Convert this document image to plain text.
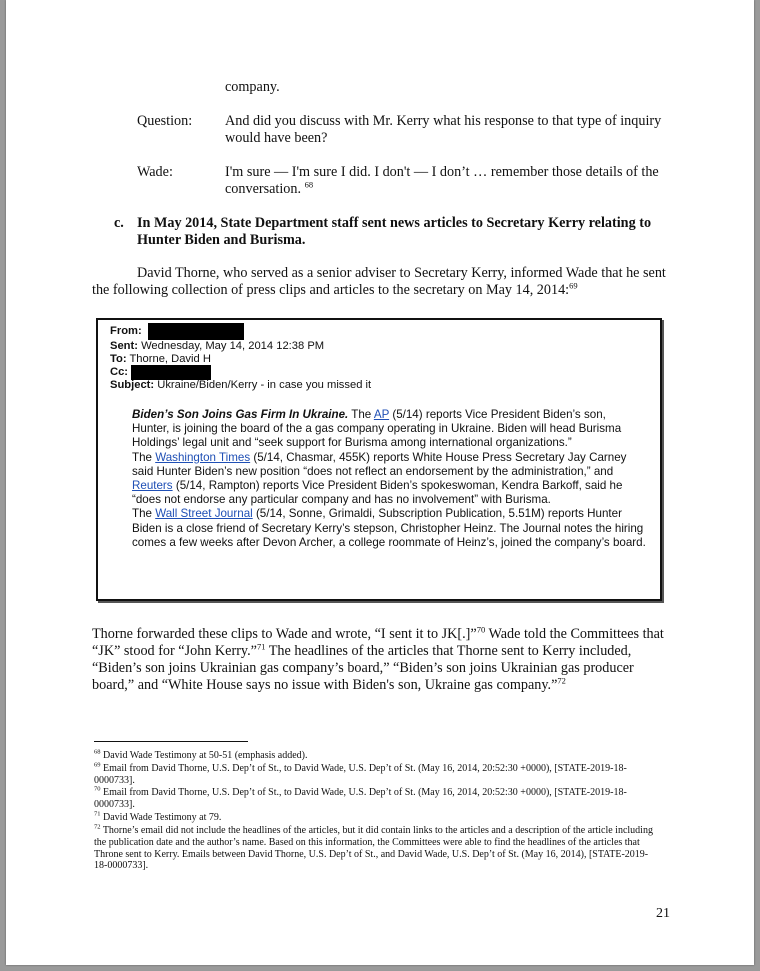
company.
Question: And did you discuss with Mr. Kerry what his response to that type of inquiry would have been?
Wade:	I'm sure — I'm sure I did. I don't — I don’t … remember those details of the conversation. $^{68}$
c. In May 2014, State Department staff sent news articles to Secretary Kerry relating to Hunter Biden and Burisma.
David Thorne, who served as a senior adviser to Secretary Kerry, informed Wade that he sent the following collection of press clips and articles to the secretary on May 14, 2014:$^{69}$
From:
Sent: Wednesday, May 14, 2014 12:38 PM
To: Thorne, David H
Cc:
Subject: Ukraine/Biden/Kerry - in case you missed it

Biden’s Son Joins Gas Firm In Ukraine. The AP (5/14) reports Vice President Biden’s son, Hunter, is joining the board of the a gas company operating in Ukraine. Biden will head Burisma Holdings’ legal unit and “seek support for Burisma among international organizations.”

The Washington Times (5/14, Chasmar, 455K) reports White House Press Secretary Jay Carney said Hunter Biden’s new position “does not reflect an endorsement by the administration,” and Reuters (5/14, Rampton) reports Vice President Biden’s spokeswoman, Kendra Barkoff, said he “does not endorse any particular company and has no involvement” with Burisma.

The Wall Street Journal (5/14, Sonne, Grimaldi, Subscription Publication, 5.51M) reports Hunter Biden is a close friend of Secretary Kerry’s stepson, Christopher Heinz. The Journal notes the hiring comes a few weeks after Devon Archer, a college roommate of Heinz’s, joined the company’s board.

Thorne forwarded these clips to Wade and wrote, “I sent it to JK[.]”$^{70}$ Wade told the Committees that “JK” stood for “John Kerry.”$^{71}$ The headlines of the articles that Thorne sent to Kerry included, “Biden’s son joins Ukrainian gas company’s board,” “Biden’s son joins Ukrainian gas producer board,” and “White House says no issue with Biden's son, Ukraine gas company.”$^{72}$
$^{68}$ David Wade Testimony at 50-51 (emphasis added).
$^{69}$ Email from David Thorne, U.S. Dep’t of St., to David Wade, U.S. Dep’t of St. (May 16, 2014, 20:52:30 +0000), [STATE-2019-18-0000733].
$^{70}$ Email from David Thorne, U.S. Dep’t of St., to David Wade, U.S. Dep’t of St. (May 16, 2014, 20:52:30 +0000), [STATE-2019-18-0000733].
$^{71}$ David Wade Testimony at 79.
$^{72}$ Thorne’s email did not include the headlines of the articles, but it did contain links to the articles and a description of the article including the publication date and the author’s name. Based on this information, the Committees were able to find the headlines of the articles that Throne sent to Kerry. Emails between David Thorne, U.S. Dep’t of St., and David Wade, U.S. Dep’t of St. (May 16, 2014), [STATE-2019-18-0000733].
21
